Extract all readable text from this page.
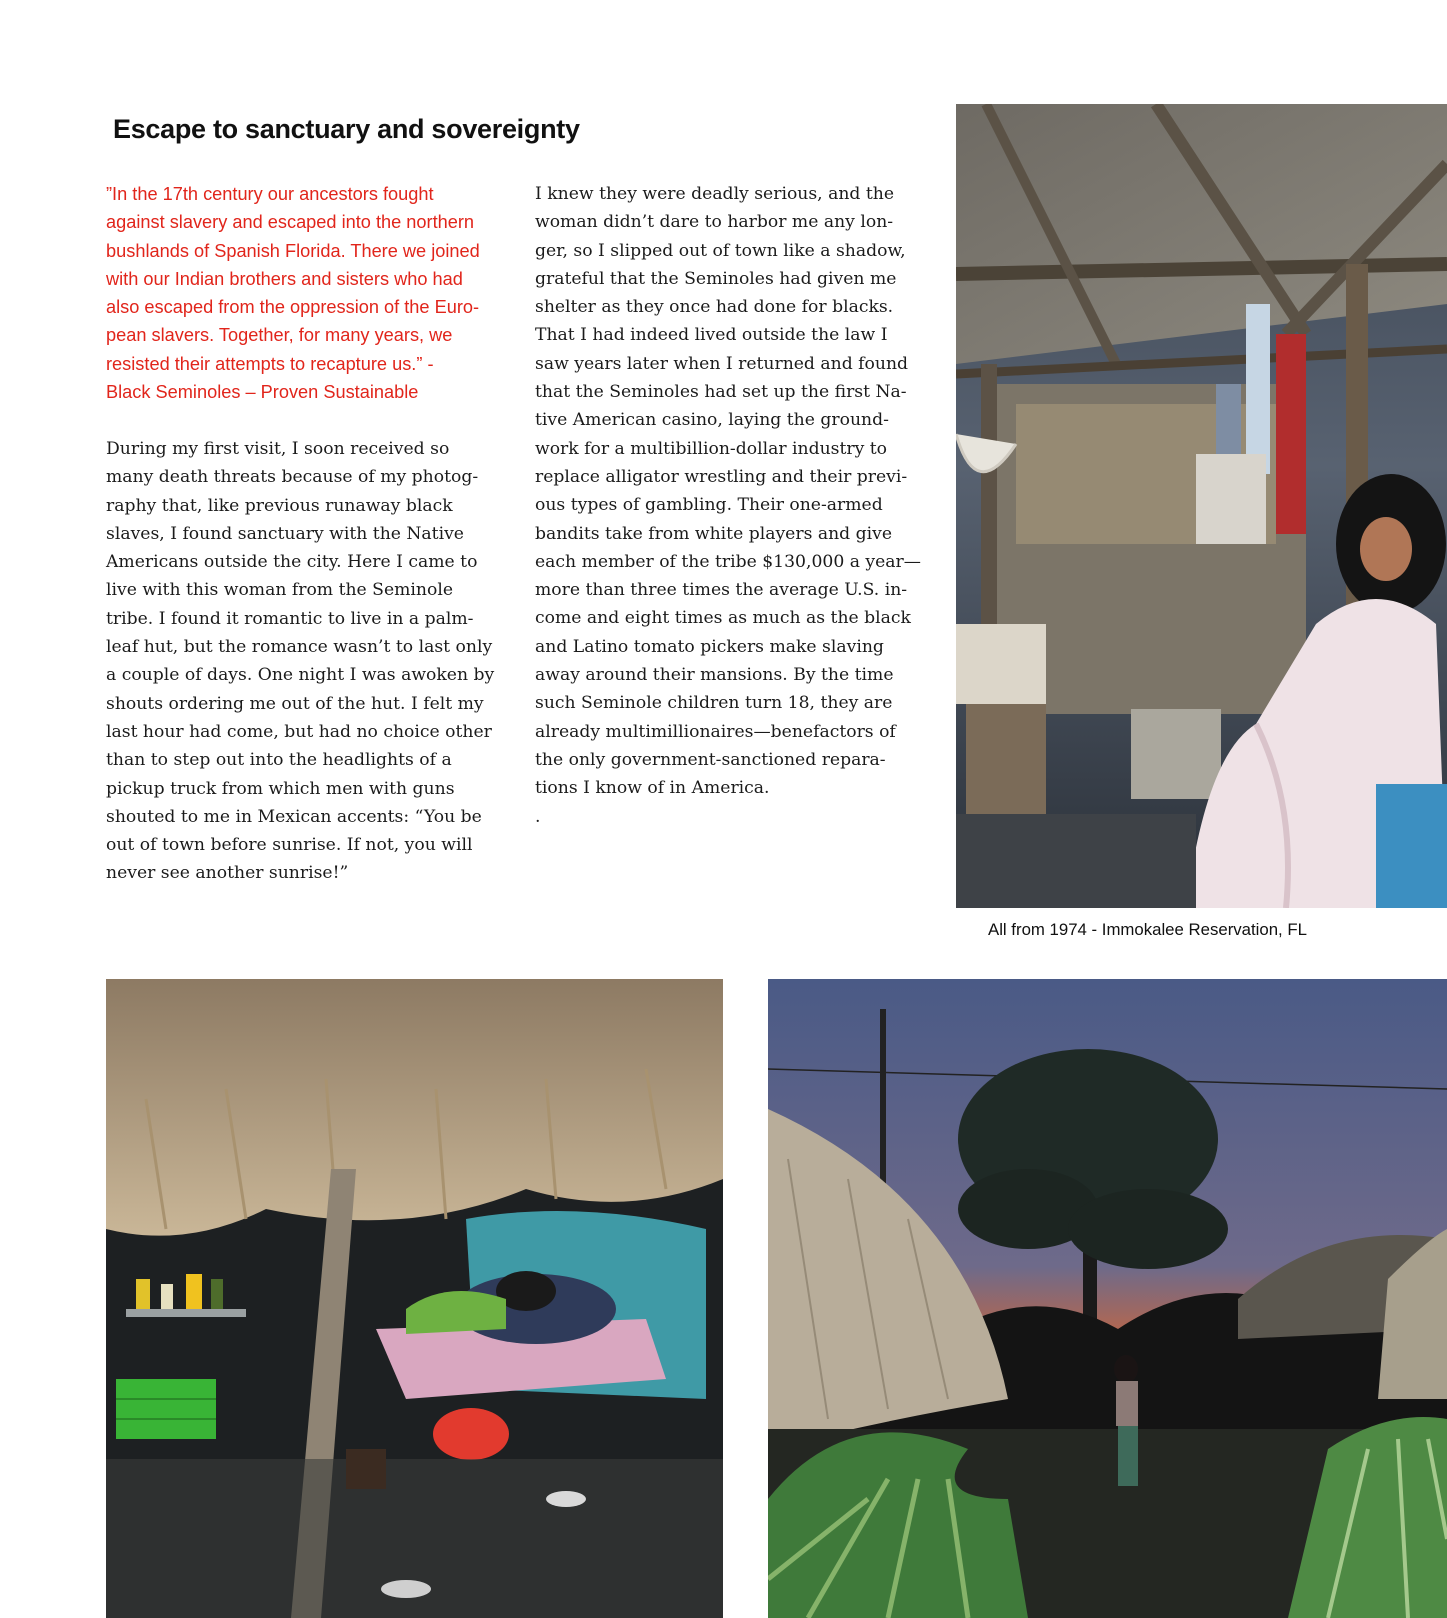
Escape to sanctuary and sovereignty

”In the 17th century our ancestors fought
against slavery and escaped into the northern
bushlands of Spanish Florida. There we joined
with our Indian brothers and sisters who had
also escaped from the oppression of the Euro-
pean slavers. Together, for many years, we
resisted their attempts to recapture us.” -
Black Seminoles – Proven Sustainable

During my first visit, I soon received so
many death threats because of my photog-
raphy that, like previous runaway black
slaves, I found sanctuary with the Native
Americans outside the city. Here I came to
live with this woman from the Seminole
tribe. I found it romantic to live in a palm-
leaf hut, but the romance wasn’t to last only
a couple of days. One night I was awoken by
shouts ordering me out of the hut. I felt my
last hour had come, but had no choice other
than to step out into the headlights of a
pickup truck from which men with guns
shouted to me in Mexican accents: “You be
out of town before sunrise. If not, you will
never see another sunrise!”

I knew they were deadly serious, and the
woman didn’t dare to harbor me any lon-
ger, so I slipped out of town like a shadow,
grateful that the Seminoles had given me
shelter as they once had done for blacks.
That I had indeed lived outside the law I
saw years later when I returned and found
that the Seminoles had set up the first Na-
tive American casino, laying the ground-
work for a multibillion-dollar industry to
replace alligator wrestling and their previ-
ous types of gambling. Their one-armed
bandits take from white players and give
each member of the tribe $130,000 a year—
more than three times the average U.S. in-
come and eight times as much as the black
and Latino tomato pickers make slaving
away around their mansions. By the time
such Seminole children turn 18, they are
already multimillionaires—benefactors of
the only government-sanctioned repara-
tions I know of in America.
.

All from 1974 - Immokalee Reservation, FL
